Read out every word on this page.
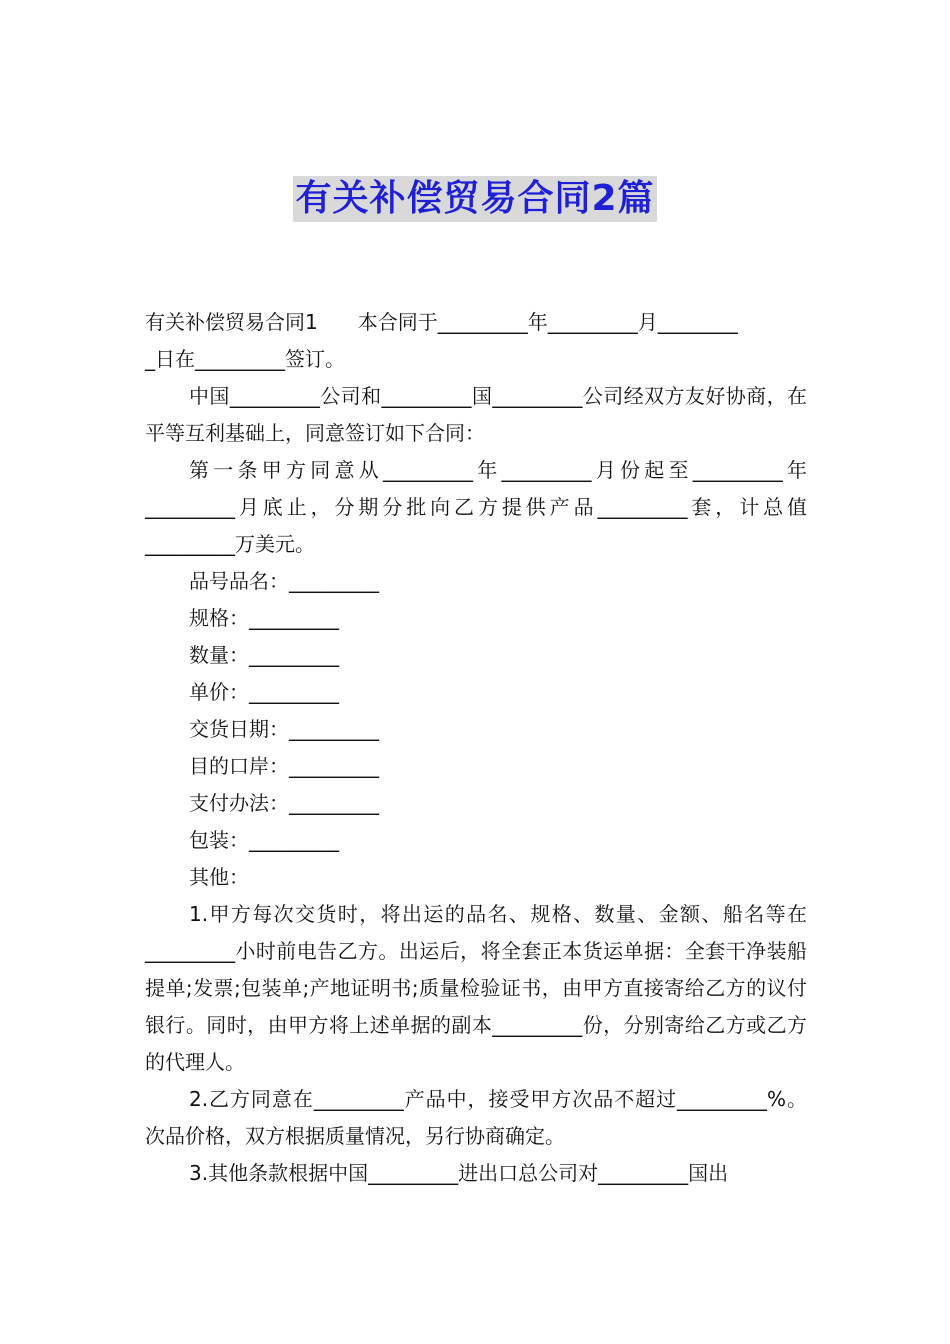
有关补偿贸易合同2篇

有关补偿贸易合同1　　本合同于_________年_________月________

_日在_________签订。

中国_________公司和_________国_________公司经双方友好协商，在平等互利基础上，同意签订如下合同：

第一条甲方同意从_________年_________月份起至_________年_________月底止，分期分批向乙方提供产品_________套，计总值_________万美元。

品号品名：_________

规格：_________

数量：_________

单价：_________

交货日期：_________

目的口岸：_________

支付办法：_________

包装：_________

其他：

1.甲方每次交货时，将出运的品名、规格、数量、金额、船名等在_________小时前电告乙方。出运后，将全套正本货运单据：全套干净装船提单;发票;包装单;产地证明书;质量检验证书，由甲方直接寄给乙方的议付银行。同时，由甲方将上述单据的副本_________份，分别寄给乙方或乙方的代理人。

2.乙方同意在_________产品中，接受甲方次品不超过_________%。次品价格，双方根据质量情况，另行协商确定。

3.其他条款根据中国_________进出口总公司对_________国出
